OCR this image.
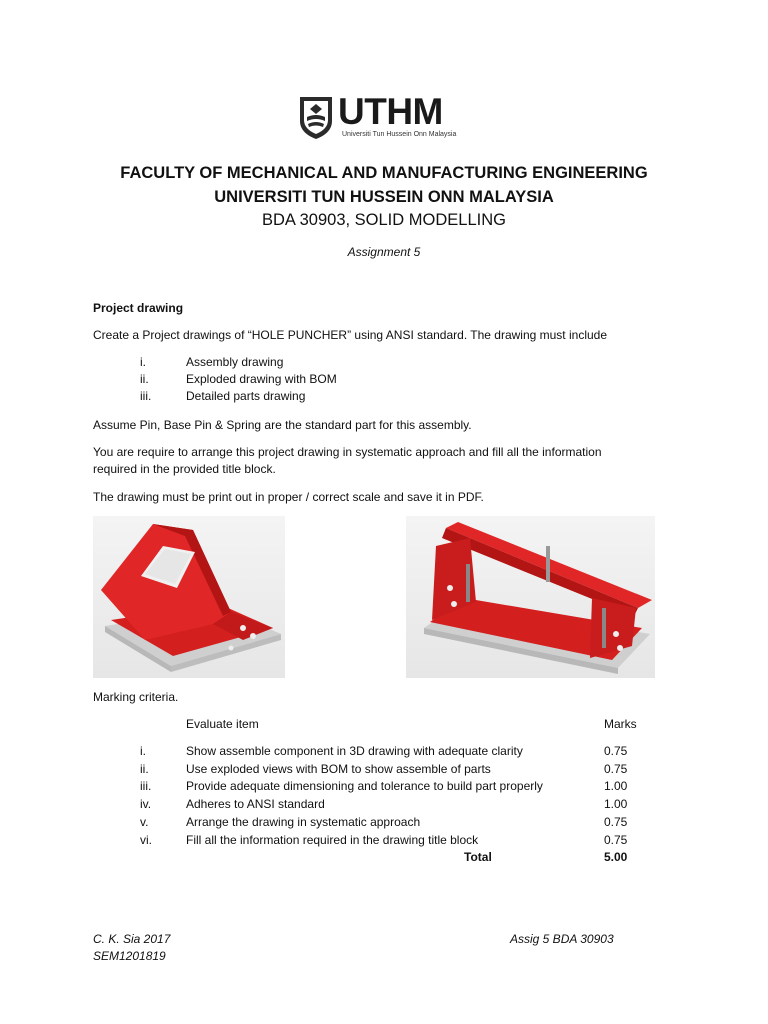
UTHM
Universiti Tun Hussein Onn Malaysia
FACULTY OF MECHANICAL AND MANUFACTURING ENGINEERING
UNIVERSITI TUN HUSSEIN ONN MALAYSIA
BDA 30903, SOLID MODELLING
Assignment 5
Project drawing
Create a Project drawings of “HOLE PUNCHER” using ANSI standard. The drawing must include
i.	Assembly drawing
ii.	Exploded drawing with BOM
iii.	Detailed parts drawing
Assume Pin, Base Pin & Spring are the standard part for this assembly.
You are require to arrange this project drawing in systematic approach and fill all the information
required in the provided title block.
The drawing must be print out in proper / correct scale and save it in PDF.
Marking criteria.
Evaluate item	Marks
i.	Show assemble component in 3D drawing with adequate clarity	0.75
ii.	Use exploded views with BOM to show assemble of parts	0.75
iii.	Provide adequate dimensioning and tolerance to build part properly	1.00
iv.	Adheres to ANSI standard	1.00
v.	Arrange the drawing in systematic approach	0.75
vi.	Fill all the information required in the drawing title block	0.75
Total	5.00
C. K. Sia 2017
SEM1201819
Assig 5 BDA 30903
